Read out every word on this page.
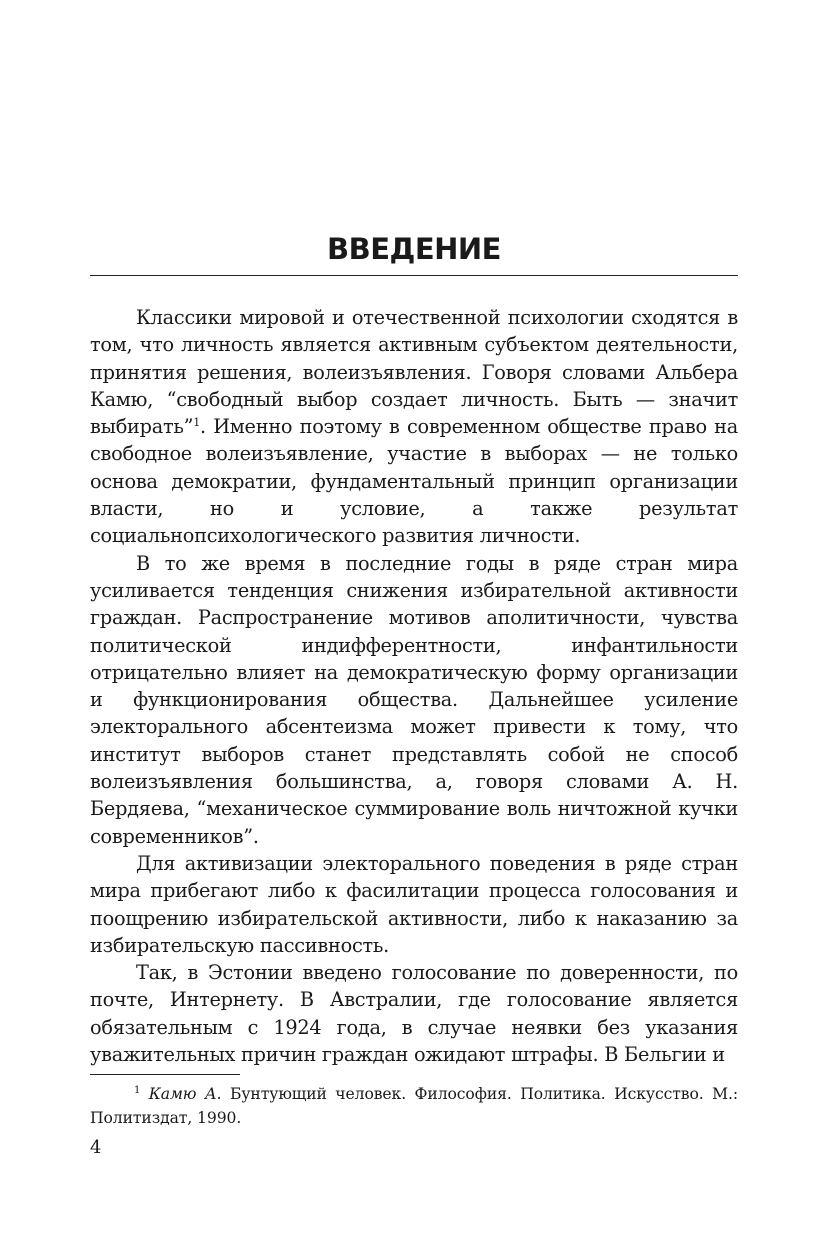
ВВЕДЕНИЕ

Классики мировой и отечественной психологии сходятся в том, что личность является активным субъектом деятельности, принятия решения, волеизъявления. Говоря словами Альбера Камю, “свободный выбор создает личность. Быть — значит выбирать”$^1$. Именно поэтому в современном обществе право на свободное волеизъявление, участие в выборах — не только основа демократии, фундаментальный принцип организации власти, но и условие, а также результат социальнопсихологического развития личности.

В то же время в последние годы в ряде стран мира усиливается тенденция снижения избирательной активности граждан. Распространение мотивов аполитичности, чувства политической индифферентности, инфантильности отрицательно влияет на демократическую форму организации и функционирования общества. Дальнейшее усиление электорального абсентеизма может привести к тому, что институт выборов станет представлять собой не способ волеизъявления большинства, а, говоря словами А. Н. Бердяева, “механическое суммирование воль ничтожной кучки современников”.

Для активизации электорального поведения в ряде стран мира прибегают либо к фасилитации процесса голосования и поощрению избирательской активности, либо к наказанию за избирательскую пассивность.

Так, в Эстонии введено голосование по доверенности, по почте, Интернету. В Австралии, где голосование является обязательным с 1924 года, в случае неявки без указания уважительных причин граждан ожидают штрафы. В Бельгии и

$^1$ Камю А. Бунтующий человек. Философия. Политика. Искусство. М.: Политиздат, 1990.
4
